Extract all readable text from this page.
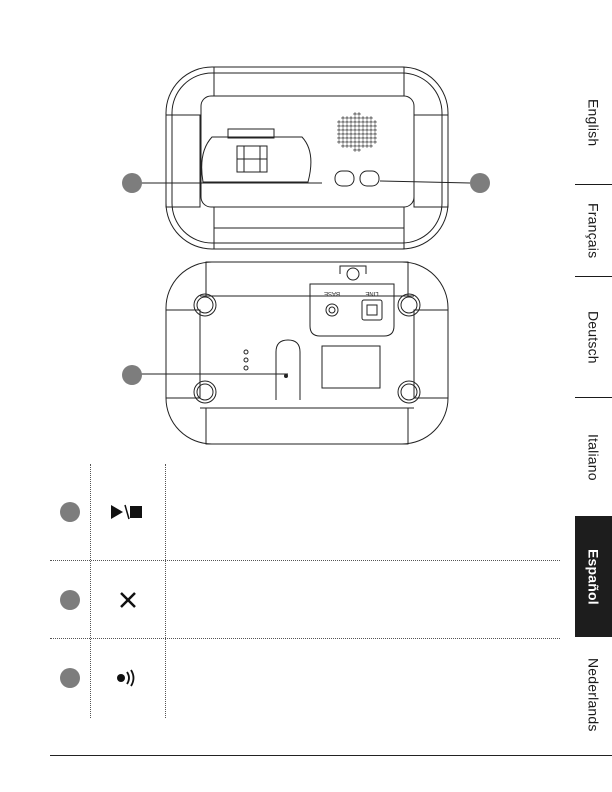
BASE	LINE
English
Français
Deutsch
Italiano
Español
Nederlands
